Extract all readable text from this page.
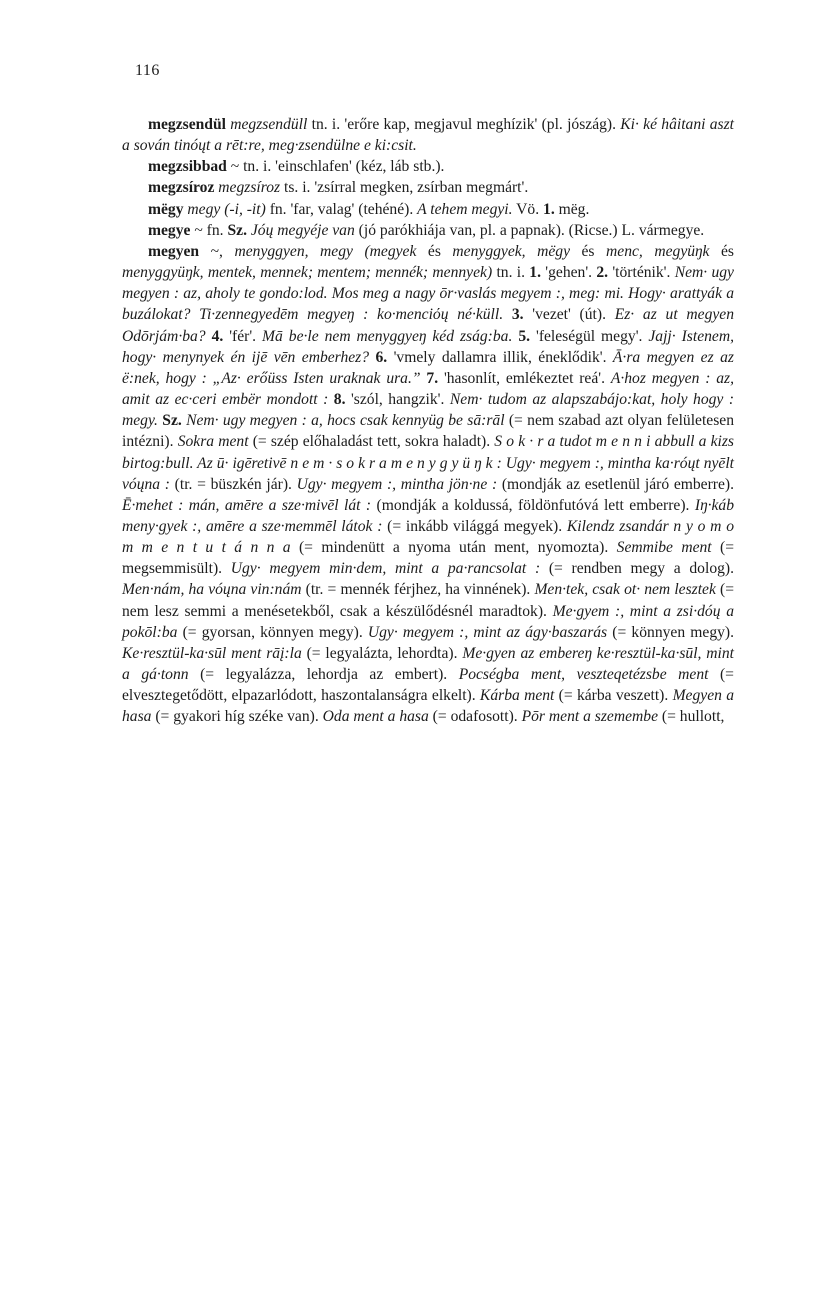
116

megzsendül megzsendüll tn. i. 'erőre kap, megjavul meghízik' (pl. jószág). Ki· ké hâitani aszt a sován tinóųt a rēt:re, meg·zsendülne e ki:csit.

megzsibbad ~ tn. i. 'einschlafen' (kéz, láb stb.).

megzsíroz megzsíroz ts. i. 'zsírral megken, zsírban megmárt'.

mëgy megy (-i, -it) fn. 'far, valag' (tehéné). A tehem megyi. Vö. 1. mëg.

megye ~ fn. Sz. Jóų megyéje van (jó parókhiája van, pl. a papnak). (Ricse.) L. vármegye.

megyen ~, menyggyen, megy (megyek és menyggyek, mëgy és menc, megyüŋk és menyggyüŋk, mentek, mennek; mentem; mennék; mennyek) tn. i. 1. 'gehen'. 2. 'történik'. Nem· ugy megyen : az, aholy te gondo:lod. Mos meg a nagy ōr·vaslás megyem :, meg: mi. Hogy· arattyák a buzálokat? Ti·zennegyedēm megyeŋ : ko·menciόų né·küll. 3. 'vezet' (út). Ez· az ut megyen Odōrjám·ba? 4. 'fér'. Mā be·le nem menyggyeŋ kéd zság:ba. 5. 'feleségül megy'. Jajj· Istenem, hogy· menynyek én ijē vēn emberhez? 6. 'vmely dallamra illik, éneklődik'. Ā·ra megyen ez az ë:nek, hogy : „Az· erőüss Isten uraknak ura.” 7. 'hasonlít, emlékeztet reá'. A·hoz megyen : az, amit az ec·ceri embër mondott : 8. 'szól, hangzik'. Nem· tudom az alapszabájo:kat, holy hogy : megy. Sz. Nem· ugy megyen : a, hocs csak kennyüg be sā:rāl (= nem szabad azt olyan felületesen intézni). Sokra ment (= szép előhaladást tett, sokra haladt). S o k · r a tudot m e n n i abbull a kizs birtog:bull. Az ū· igēretivē n e m · s o k r a m e n y g y ü ŋ k : Ugy· megyem :, mintha ka·róųt nyēlt vóųna : (tr. = büszkén jár). Ugy· megyem :, mintha jön·ne : (mondják az esetlenül járó emberre). Ē·mehet : mán, amēre a sze·mivēl lát : (mondják a koldussá, földönfutóvá lett emberre). Iŋ·káb meny·gyek :, amēre a sze·memmēl látok : (= inkább világgá megyek). Kilendz zsandár n y o m o m m e n t u t á n n a (= mindenütt a nyoma után ment, nyomozta). Semmibe ment (= megsemmisült). Ugy· megyem min·dem, mint a pa·rancsolat : (= rendben megy a dolog). Men·nám, ha vóųna vin:nám (tr. = mennék férjhez, ha vinnének). Men·tek, csak ot· nem lesztek (= nem lesz semmi a menésetekből, csak a készülődésnél maradtok). Me·gyem :, mint a zsi·dóų a pokōl:ba (= gyorsan, könnyen megy). Ugy· megyem :, mint az ágy·baszarás (= könnyen megy). Ke·resztül-ka·sūl ment rāį:la (= legyalázta, lehordta). Me·gyen az embereŋ ke·resztül-ka·sūl, mint a gá·tonn (= legyalázza, lehordja az embert). Pocségba ment, veszteqetézsbe ment (= elvesztegetődött, elpazarlódott, haszontalanságra elkelt). Kárba ment (= kárba veszett). Megyen a hasa (= gyakori híg széke van). Oda ment a hasa (= odafosott). Pōr ment a szemembe (= hullott,
